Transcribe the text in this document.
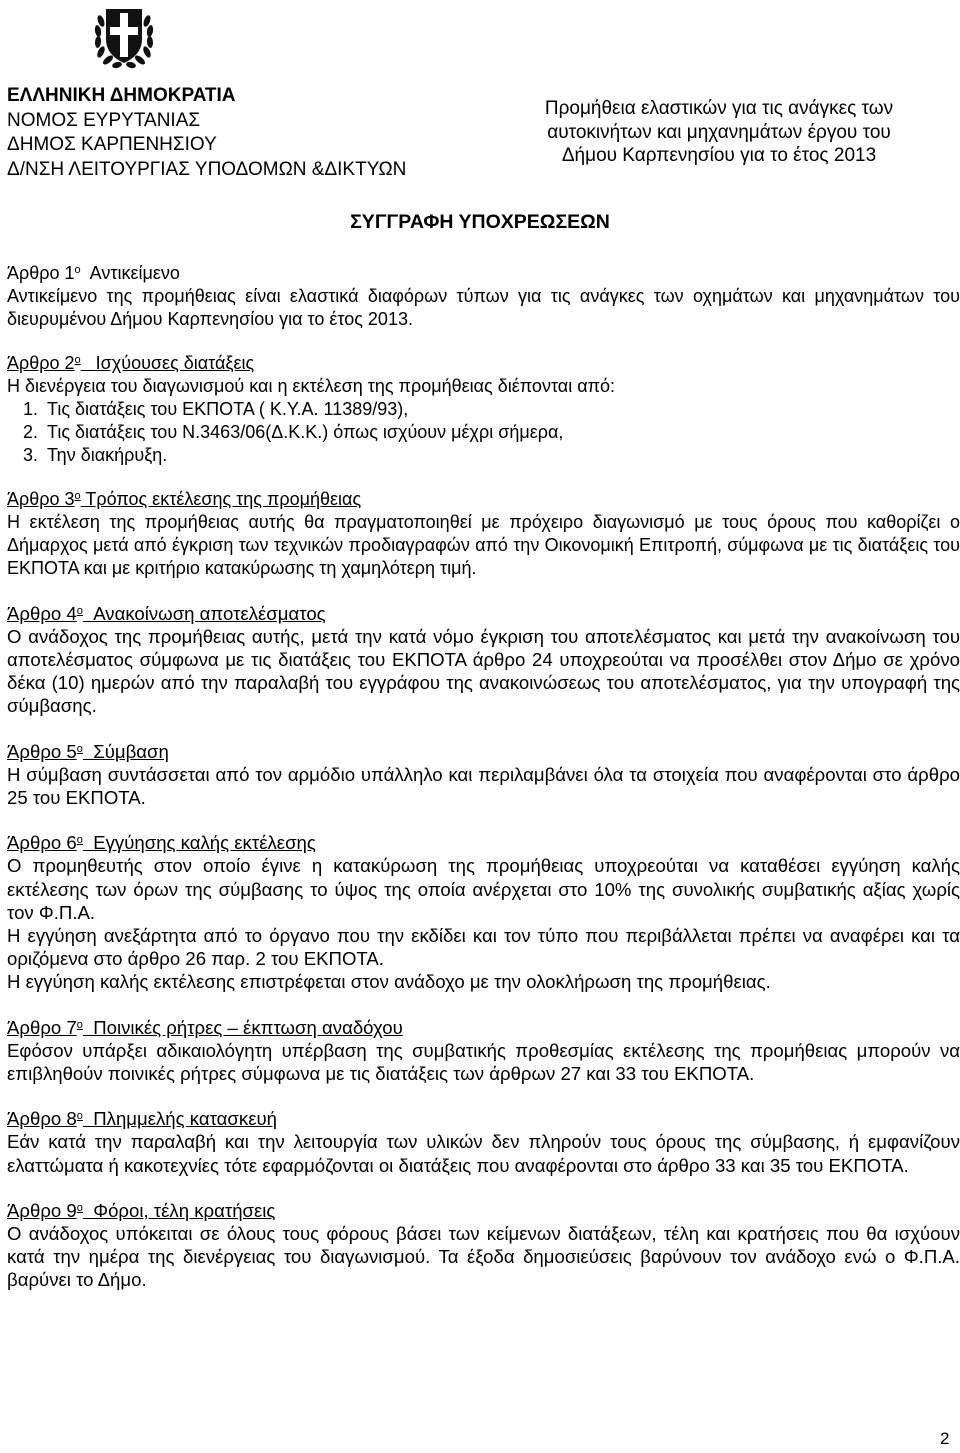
ΕΛΛΗΝΙΚΗ ΔΗΜΟΚΡΑΤΙΑ
ΝΟΜΟΣ ΕΥΡΥΤΑΝΙΑΣ
ΔΗΜΟΣ ΚΑΡΠΕΝΗΣΙΟΥ
Δ/ΝΣΗ ΛΕΙΤΟΥΡΓΙΑΣ ΥΠΟΔΟΜΩΝ &ΔΙΚΤΥΩΝ
Προμήθεια ελαστικών για τις ανάγκες των
αυτοκινήτων και μηχανημάτων έργου του
Δήμου Καρπενησίου για το έτος 2013
ΣΥΓΓΡΑΦΗ ΥΠΟΧΡΕΩΣΕΩΝ
Άρθρο $1^o$ Αντικείμενο
Αντικείμενο της προμήθειας είναι ελαστικά διαφόρων τύπων για τις ανάγκες των οχημάτων και μηχανημάτων του διευρυμένου Δήμου Καρπενησίου για το έτος 2013.
Άρθρο $2^o$ Ισχύουσες διατάξεις
Η διενέργεια του διαγωνισμού και η εκτέλεση της προμήθειας διέπονται από:
1. Τις διατάξεις του ΕΚΠΟΤΑ ( Κ.Υ.Α. 11389/93),
2. Τις διατάξεις του Ν.3463/06(Δ.Κ.Κ.) όπως ισχύουν μέχρι σήμερα,
3. Την διακήρυξη.
Άρθρο $3^o$ Τρόπος εκτέλεσης της προμήθειας
Η εκτέλεση της προμήθειας αυτής θα πραγματοποιηθεί με πρόχειρο διαγωνισμό με τους όρους που καθορίζει ο Δήμαρχος μετά από έγκριση των τεχνικών προδιαγραφών από την Οικονομική Επιτροπή, σύμφωνα με τις διατάξεις του ΕΚΠΟΤΑ και με κριτήριο κατακύρωσης τη χαμηλότερη τιμή.
Άρθρο $4^o$ Ανακοίνωση αποτελέσματος
Ο ανάδοχος της προμήθειας αυτής, μετά την κατά νόμο έγκριση του αποτελέσματος και μετά την ανακοίνωση του αποτελέσματος σύμφωνα με τις διατάξεις του ΕΚΠΟΤΑ άρθρο 24 υποχρεούται να προσέλθει στον Δήμο σε χρόνο δέκα (10) ημερών από την παραλαβή του εγγράφου της ανακοινώσεως του αποτελέσματος, για την υπογραφή της σύμβασης.
Άρθρο $5^o$ Σύμβαση
Η σύμβαση συντάσσεται από τον αρμόδιο υπάλληλο και περιλαμβάνει όλα τα στοιχεία που αναφέρονται στο άρθρο 25 του ΕΚΠΟΤΑ.
Άρθρο $6^o$ Εγγύησης καλής εκτέλεσης
Ο προμηθευτής στον οποίο έγινε η κατακύρωση της προμήθειας υποχρεούται να καταθέσει εγγύηση καλής εκτέλεσης των όρων της σύμβασης το ύψος της οποία ανέρχεται στο 10% της συνολικής συμβατικής αξίας χωρίς τον Φ.Π.Α.
Η εγγύηση ανεξάρτητα από το όργανο που την εκδίδει και τον τύπο που περιβάλλεται πρέπει να αναφέρει και τα οριζόμενα στο άρθρο 26 παρ. 2 του ΕΚΠΟΤΑ.
Η εγγύηση καλής εκτέλεσης επιστρέφεται στον ανάδοχο με την ολοκλήρωση της προμήθειας.
Άρθρο $7^o$ Ποινικές ρήτρες – έκπτωση αναδόχου
Εφόσον υπάρξει αδικαιολόγητη υπέρβαση της συμβατικής προθεσμίας εκτέλεσης της προμήθειας μπορούν να επιβληθούν ποινικές ρήτρες σύμφωνα με τις διατάξεις των άρθρων 27 και 33 του ΕΚΠΟΤΑ.
Άρθρο $8^o$ Πλημμελής κατασκευή
Εάν κατά την παραλαβή και την λειτουργία των υλικών δεν πληρούν τους όρους της σύμβασης, ή εμφανίζουν ελαττώματα ή κακοτεχνίες τότε εφαρμόζονται οι διατάξεις που αναφέρονται στο άρθρο 33 και 35 του ΕΚΠΟΤΑ.
Άρθρο $9^o$ Φόροι, τέλη κρατήσεις
Ο ανάδοχος υπόκειται σε όλους τους φόρους βάσει των κείμενων διατάξεων, τέλη και κρατήσεις που θα ισχύουν κατά την ημέρα της διενέργειας του διαγωνισμού. Τα έξοδα δημοσιεύσεις βαρύνουν τον ανάδοχο ενώ ο Φ.Π.Α. βαρύνει το Δήμο.
2
